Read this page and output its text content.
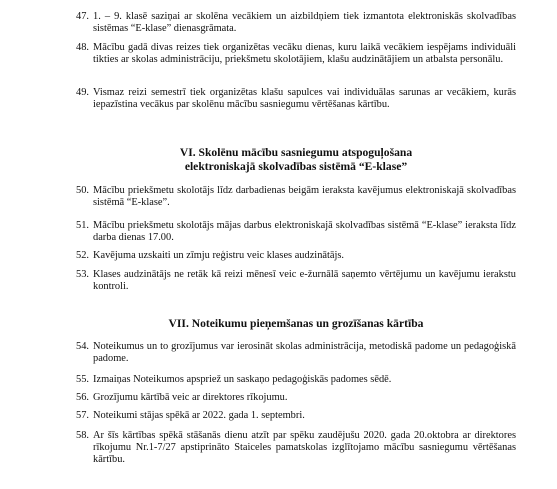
47. 1. – 9. klasē saziņai ar skolēna vecākiem un aizbildņiem tiek izmantota elektroniskās skolvadības sistēmas “E-klase” dienasgrāmata.
48. Mācību gadā divas reizes tiek organizētas vecāku dienas, kuru laikā vecākiem iespējams individuāli tikties ar skolas administrāciju, priekšmetu skolotājiem, klašu audzinātājiem un atbalsta personālu.
49. Vismaz reizi semestrī tiek organizētas klašu sapulces vai individuālas sarunas ar vecākiem, kurās iepazīstina vecākus par skolēnu mācību sasniegumu vērtēšanas kārtību.
VI. Skolēnu mācību sasniegumu atspoguļošana
elektroniskajā skolvadības sistēmā “E-klase”
50. Mācību priekšmetu skolotājs līdz darbadienas beigām ieraksta kavējumus elektroniskajā skolvadības sistēmā “E-klase”.
51. Mācību priekšmetu skolotājs mājas darbus elektroniskajā skolvadības sistēmā “E-klase” ieraksta līdz darba dienas 17.00.
52. Kavējuma uzskaiti un zīmju reģistru veic klases audzinātājs.
53. Klases audzinātājs ne retāk kā reizi mēnesī veic e-žurnālā saņemto vērtējumu un kavējumu ierakstu kontroli.
VII. Noteikumu pieņemšanas un grozīšanas kārtība
54. Noteikumus un to grozījumus var ierosināt skolas administrācija, metodiskā padome un pedagoģiskā padome.
55. Izmaiņas Noteikumos apspriež un saskaņo pedagoģiskās padomes sēdē.
56. Grozījumu kārtībā veic ar direktores rīkojumu.
57. Noteikumi stājas spēkā ar 2022. gada 1. septembri.
58. Ar šīs kārtības spēkā stāšanās dienu atzīt par spēku zaudējušu 2020. gada 20.oktobra ar direktores rīkojumu Nr.1-7/27 apstiprināto Staiceles pamatskolas izglītojamo mācību sasniegumu vērtēšanas kārtību.
